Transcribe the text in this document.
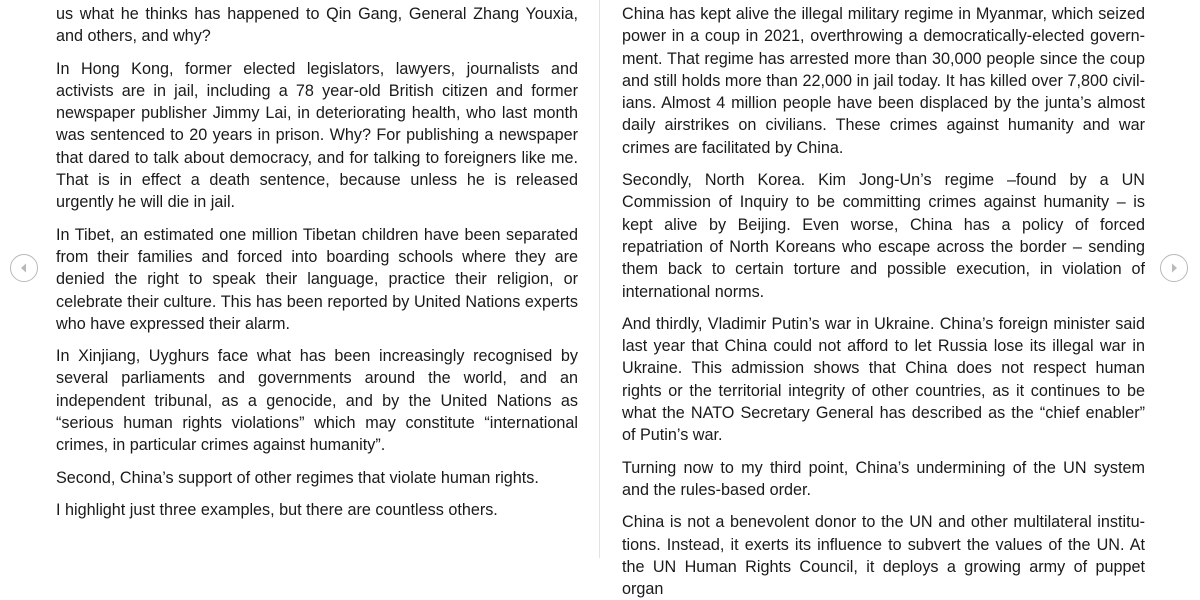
us what he thinks has happened to Qin Gang, General Zhang Youxia, and others, and why?

In Hong Kong, former elected legislators, lawyers, journalists and activists are in jail, including a 78 year-old British citizen and former newspaper publisher Jimmy Lai, in deteriorating health, who last month was sentenced to 20 years in prison. Why? For publishing a newspaper that dared to talk about democracy, and for talking to foreigners like me. That is in effect a death sentence, because unless he is released urgently he will die in jail.

In Tibet, an estimated one million Tibetan children have been separated from their families and forced into boarding schools where they are denied the right to speak their language, practice their religion, or celebrate their culture. This has been reported by United Nations experts who have expressed their alarm.

In Xinjiang, Uyghurs face what has been increasingly recognised by several parliaments and governments around the world, and an independent tribunal, as a genocide, and by the United Nations as “serious human rights violations” which may constitute “international crimes, in particular crimes against humanity”.

Second, China’s support of other regimes that violate human rights.

I highlight just three examples, but there are countless others.

China has kept alive the illegal military regime in Myanmar, which seized power in a coup in 2021, overthrowing a democratically-elected government. That regime has arrested more than 30,000 people since the coup and still holds more than 22,000 in jail today. It has killed over 7,800 civilians. Almost 4 million people have been displaced by the junta’s almost daily airstrikes on civilians. These crimes against humanity and war crimes are facilitated by China.

Secondly, North Korea. Kim Jong-Un’s regime –found by a UN Commission of Inquiry to be committing crimes against humanity – is kept alive by Beijing. Even worse, China has a policy of forced repatriation of North Koreans who escape across the border – sending them back to certain torture and possible execution, in violation of international norms.

And thirdly, Vladimir Putin’s war in Ukraine. China’s foreign minister said last year that China could not afford to let Russia lose its illegal war in Ukraine. This admission shows that China does not respect human rights or the territorial integrity of other countries, as it continues to be what the NATO Secretary General has described as the “chief enabler” of Putin’s war.

Turning now to my third point, China’s undermining of the UN system and the rules-based order.

China is not a benevolent donor to the UN and other multilateral institutions. Instead, it exerts its influence to subvert the values of the UN. At the UN Human Rights Council, it deploys a growing army of puppet organ
